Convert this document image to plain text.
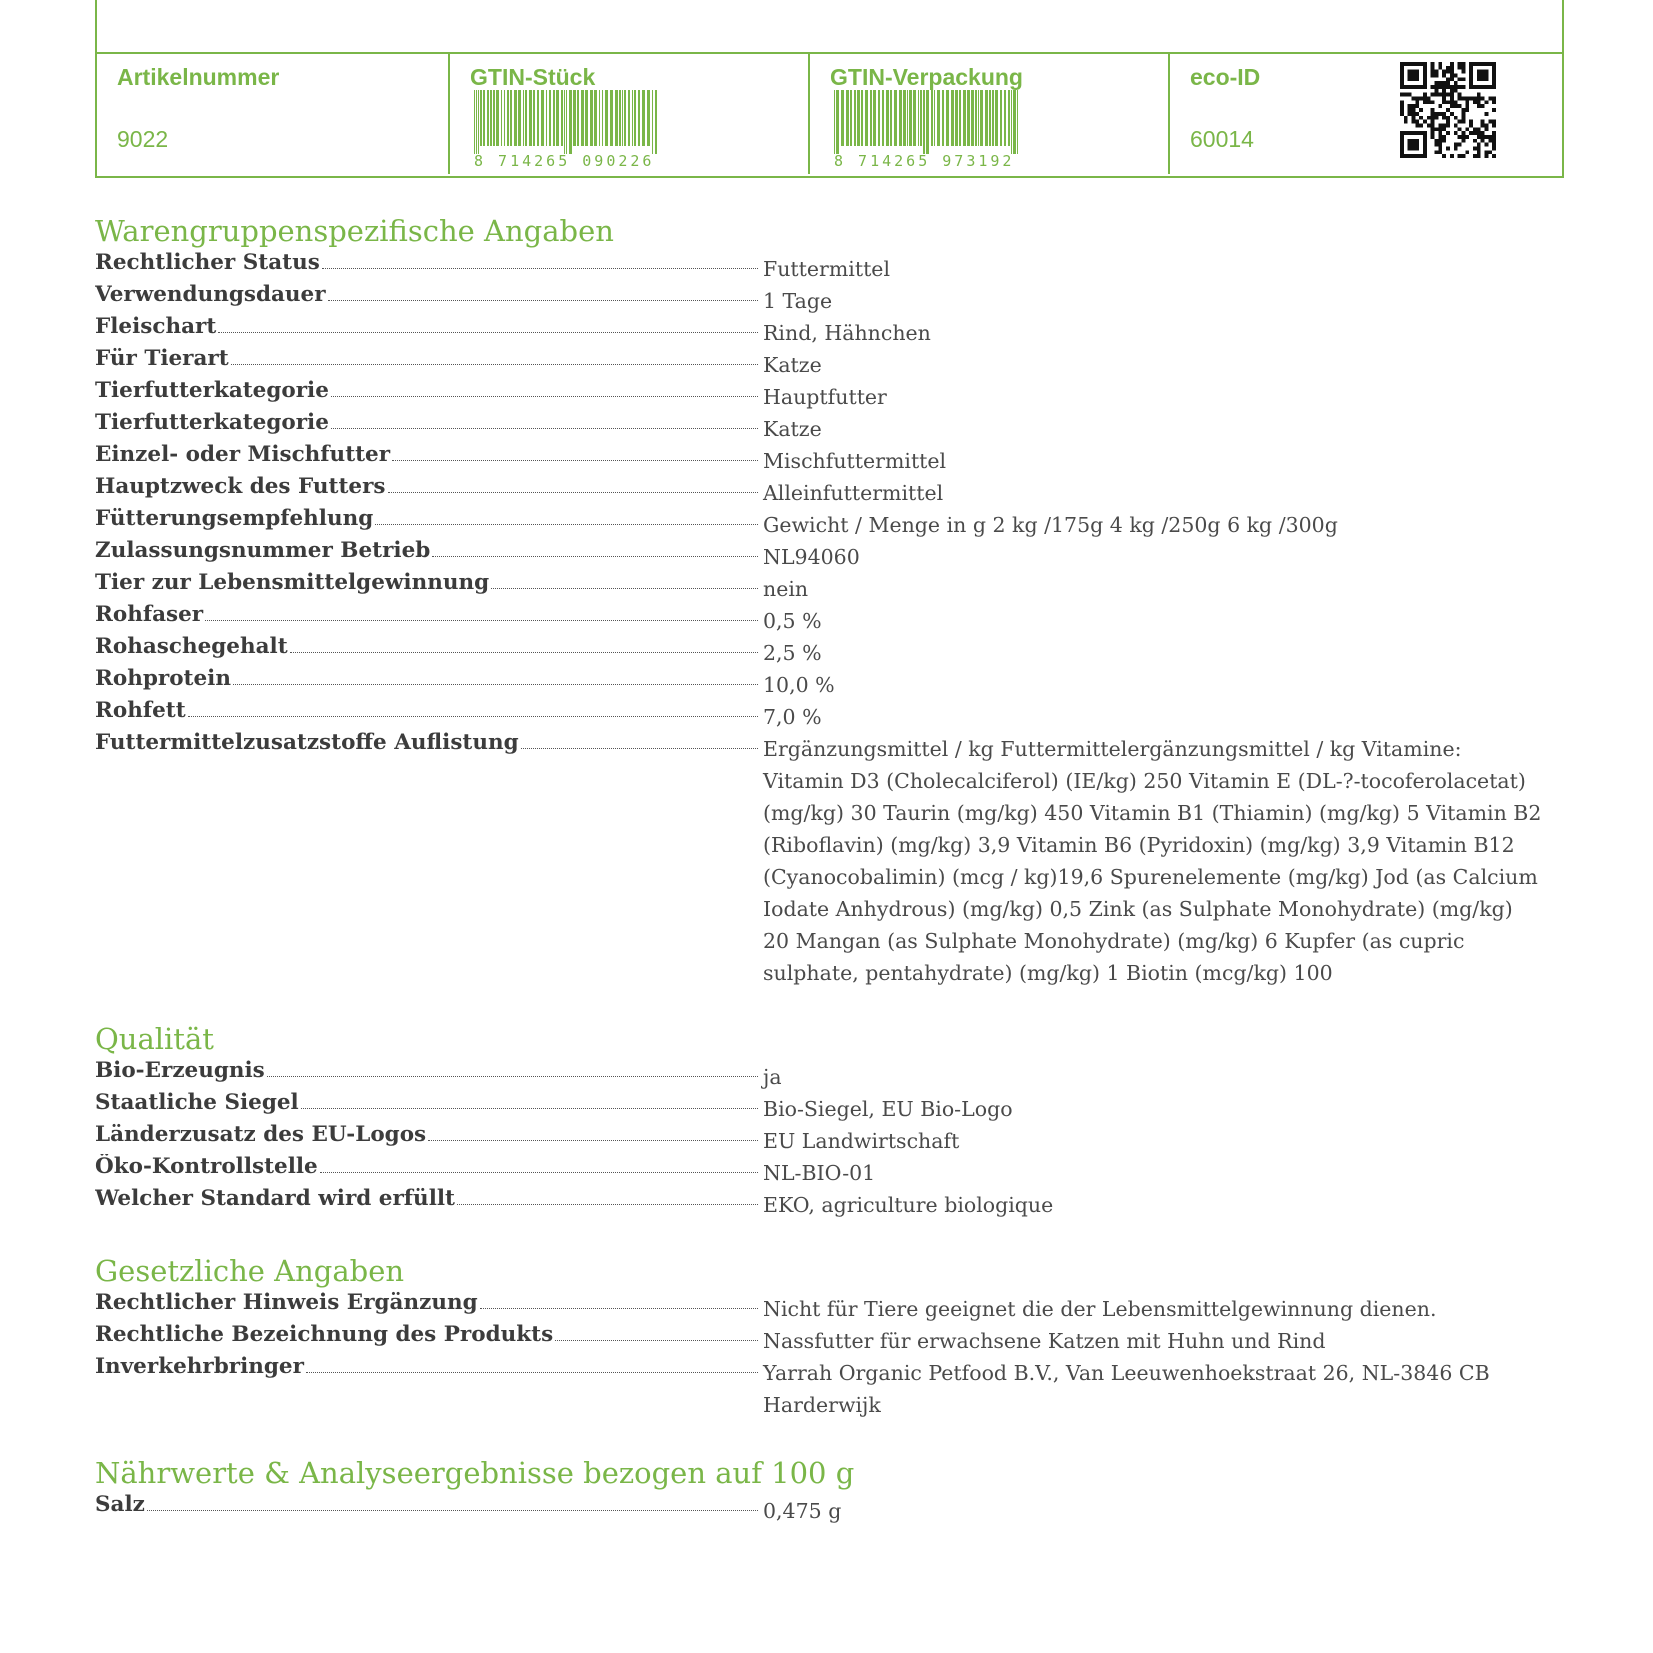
Artikelnummer
9022
GTIN-Stück
8 714265 090226
GTIN-Verpackung
8 714265 973192
eco-ID
60014
Warengruppenspezifische Angaben
Rechtlicher Status	Futtermittel
Verwendungsdauer	1 Tage
Fleischart	Rind, Hähnchen
Für Tierart	Katze
Tierfutterkategorie	Hauptfutter
Tierfutterkategorie	Katze
Einzel- oder Mischfutter	Mischfuttermittel
Hauptzweck des Futters	Alleinfuttermittel
Fütterungsempfehlung	Gewicht / Menge in g 2 kg /175g 4 kg /250g 6 kg /300g
Zulassungsnummer Betrieb	NL94060
Tier zur Lebensmittelgewinnung	nein
Rohfaser	0,5 %
Rohaschegehalt	2,5 %
Rohprotein	10,0 %
Rohfett	7,0 %
Futtermittelzusatzstoffe Auflistung	Ergänzungsmittel / kg Futtermittelergänzungsmittel / kg Vitamine: Vitamin D3 (Cholecalciferol) (IE/kg) 250 Vitamin E (DL-?-tocoferolacetat) (mg/kg) 30 Taurin (mg/kg) 450 Vitamin B1 (Thiamin) (mg/kg) 5 Vitamin B2 (Riboflavin) (mg/kg) 3,9 Vitamin B6 (Pyridoxin) (mg/kg) 3,9 Vitamin B12 (Cyanocobalimin) (mcg / kg)19,6 Spurenelemente (mg/kg) Jod (as Calcium Iodate Anhydrous) (mg/kg) 0,5 Zink (as Sulphate Monohydrate) (mg/kg) 20 Mangan (as Sulphate Monohydrate) (mg/kg) 6 Kupfer (as cupric sulphate, pentahydrate) (mg/kg) 1 Biotin (mcg/kg) 100
Qualität
Bio-Erzeugnis	ja
Staatliche Siegel	Bio-Siegel, EU Bio-Logo
Länderzusatz des EU-Logos	EU Landwirtschaft
Öko-Kontrollstelle	NL-BIO-01
Welcher Standard wird erfüllt	EKO, agriculture biologique
Gesetzliche Angaben
Rechtlicher Hinweis Ergänzung	Nicht für Tiere geeignet die der Lebensmittelgewinnung dienen.
Rechtliche Bezeichnung des Produkts	Nassfutter für erwachsene Katzen mit Huhn und Rind
Inverkehrbringer	Yarrah Organic Petfood B.V., Van Leeuwenhoekstraat 26, NL-3846 CB Harderwijk
Nährwerte & Analyseergebnisse bezogen auf 100 g
Salz	0,475 g
